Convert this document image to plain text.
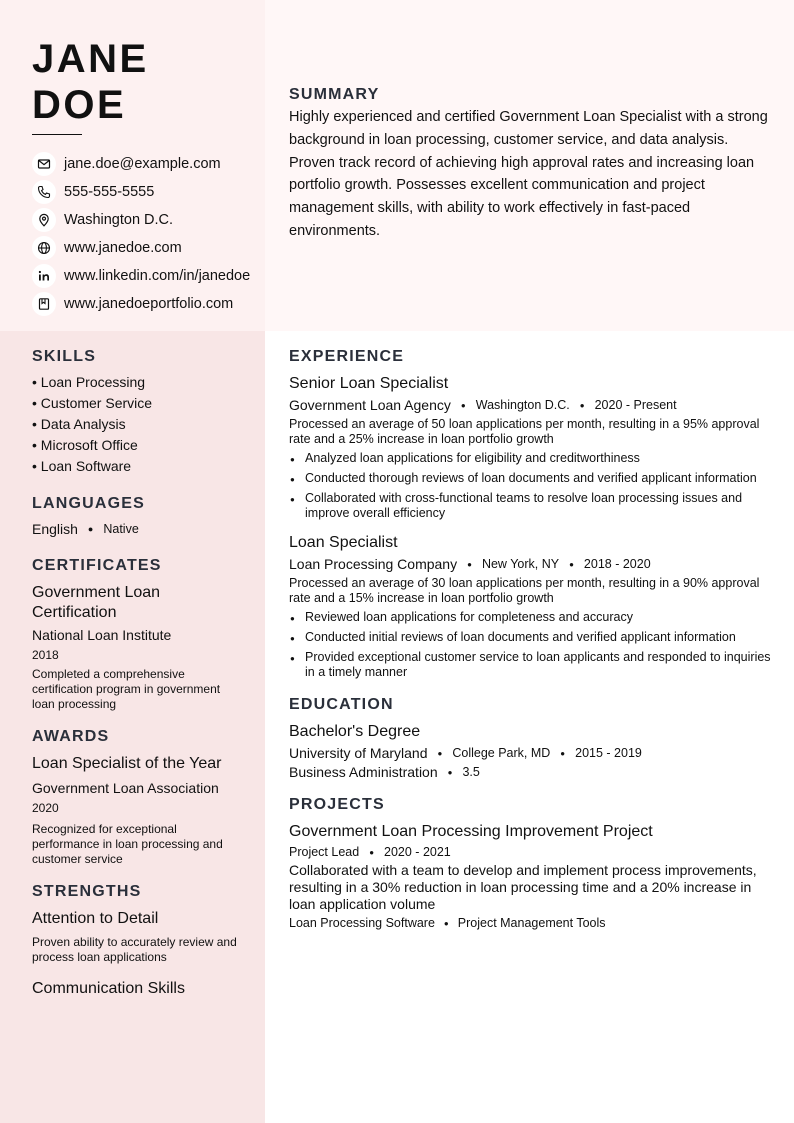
JANE
DOE
jane.doe@example.com
555-555-5555
Washington D.C.
www.janedoe.com
www.linkedin.com/in/janedoe
www.janedoeportfolio.com
SUMMARY
Highly experienced and certified Government Loan Specialist with a strong background in loan processing, customer service, and data analysis. Proven track record of achieving high approval rates and increasing loan portfolio growth. Possesses excellent communication and project management skills, with ability to work effectively in fast-paced environments.
SKILLS
• Loan Processing
• Customer Service
• Data Analysis
• Microsoft Office
• Loan Software
LANGUAGES
English ● Native
CERTIFICATES
Government Loan Certification
National Loan Institute
2018
Completed a comprehensive certification program in government loan processing
AWARDS
Loan Specialist of the Year
Government Loan Association
2020
Recognized for exceptional performance in loan processing and customer service
STRENGTHS
Attention to Detail
Proven ability to accurately review and process loan applications
Communication Skills
EXPERIENCE
Senior Loan Specialist
Government Loan Agency ● Washington D.C. ● 2020 - Present
Processed an average of 50 loan applications per month, resulting in a 95% approval rate and a 25% increase in loan portfolio growth
● Analyzed loan applications for eligibility and creditworthiness
● Conducted thorough reviews of loan documents and verified applicant information
● Collaborated with cross-functional teams to resolve loan processing issues and improve overall efficiency
Loan Specialist
Loan Processing Company ● New York, NY ● 2018 - 2020
Processed an average of 30 loan applications per month, resulting in a 90% approval rate and a 15% increase in loan portfolio growth
● Reviewed loan applications for completeness and accuracy
● Conducted initial reviews of loan documents and verified applicant information
● Provided exceptional customer service to loan applicants and responded to inquiries in a timely manner
EDUCATION
Bachelor's Degree
University of Maryland ● College Park, MD ● 2015 - 2019
Business Administration ● 3.5
PROJECTS
Government Loan Processing Improvement Project
Project Lead ● 2020 - 2021
Collaborated with a team to develop and implement process improvements, resulting in a 30% reduction in loan processing time and a 20% increase in loan application volume
Loan Processing Software ● Project Management Tools
